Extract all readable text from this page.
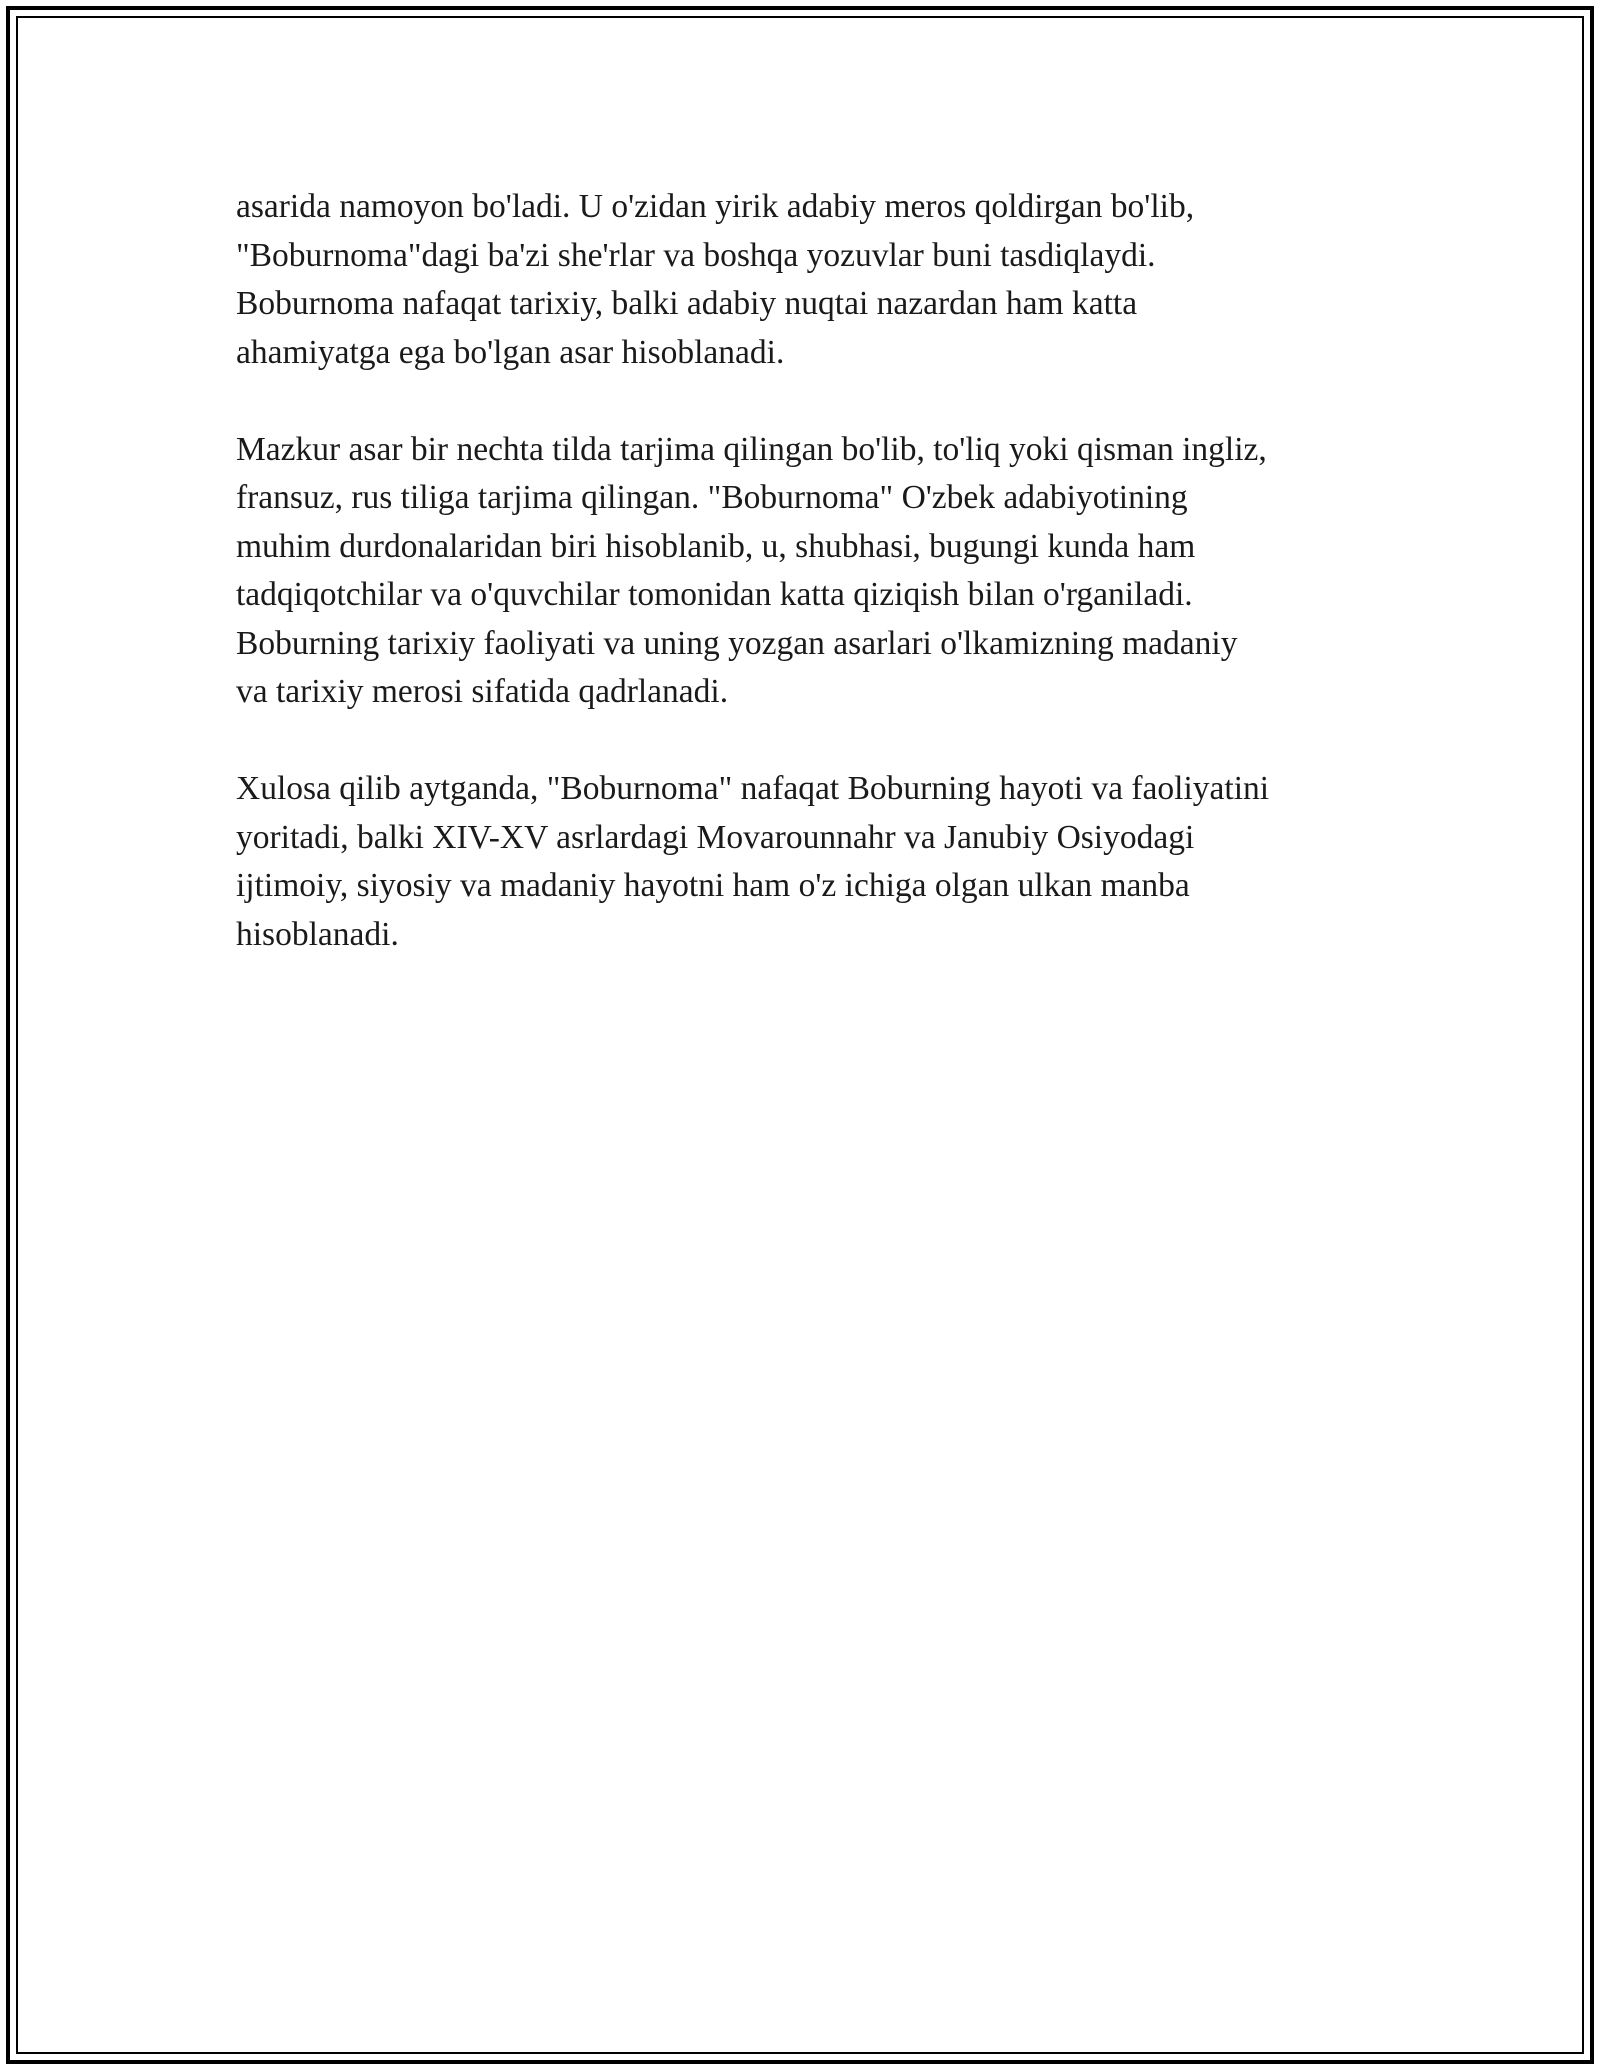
asarida namoyon bo'ladi. U o'zidan yirik adabiy meros qoldirgan bo'lib,
"Boburnoma"dagi ba'zi she'rlar va boshqa yozuvlar buni tasdiqlaydi.
Boburnoma nafaqat tarixiy, balki adabiy nuqtai nazardan ham katta
ahamiyatga ega bo'lgan asar hisoblanadi.

Mazkur asar bir nechta tilda tarjima qilingan bo'lib, to'liq yoki qisman ingliz,
fransuz, rus tiliga tarjima qilingan. "Boburnoma" O'zbek adabiyotining
muhim durdonalaridan biri hisoblanib, u, shubhasi, bugungi kunda ham
tadqiqotchilar va o'quvchilar tomonidan katta qiziqish bilan o'rganiladi.
Boburning tarixiy faoliyati va uning yozgan asarlari o'lkamizning madaniy
va tarixiy merosi sifatida qadrlanadi.

Xulosa qilib aytganda, "Boburnoma" nafaqat Boburning hayoti va faoliyatini
yoritadi, balki XIV-XV asrlardagi Movarounnahr va Janubiy Osiyodagi
ijtimoiy, siyosiy va madaniy hayotni ham o'z ichiga olgan ulkan manba
hisoblanadi.
